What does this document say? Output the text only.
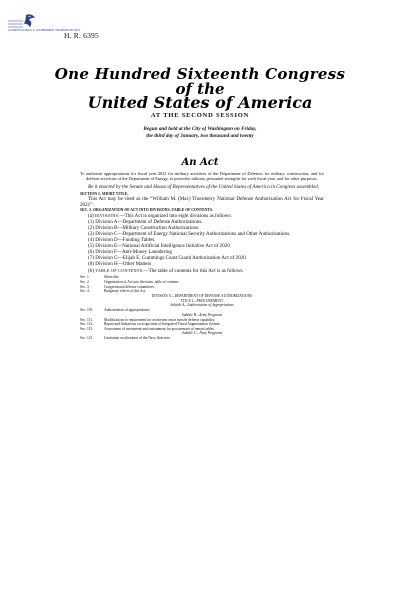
AUTHENTICATED U.S. GOVERNMENT INFORMATION GPO
H. R. 6395
One Hundred Sixteenth Congress
of the
United States of America
AT THE SECOND SESSION
Begun and held at the City of Washington on Friday,
the third day of January, two thousand and twenty
An Act

To authorize appropriations for fiscal year 2021 for military activities of the Department of Defense, for military construction, and for defense activities of the Department of Energy, to prescribe military personnel strengths for such fiscal year, and for other purposes.

Be it enacted by the Senate and House of Representatives of the United States of America in Congress assembled,

SECTION 1. SHORT TITLE.

This Act may be cited as the “William M. (Mac) Thornberry National Defense Authorization Act for Fiscal Year 2021”.

SEC. 2. ORGANIZATION OF ACT INTO DIVISIONS; TABLE OF CONTENTS.

(a) DIVISIONS.—This Act is organized into eight divisions as follows:

(1) Division A—Department of Defense Authorizations.

(2) Division B—Military Construction Authorizations.

(3) Division C—Department of Energy National Security Authorizations and Other Authorizations.

(4) Division D—Funding Tables.

(5) Division E—National Artificial Intelligence Initiative Act of 2020

(6) Division F—Anti-Money Laundering

(7) Division G—Elijah E. Cummings Coast Guard Authorization Act of 2020

(8) Division H—Other Matters

(b) TABLE OF CONTENTS.—The table of contents for this Act is as follows:

Sec. 1.	Short title.
Sec. 2.	Organization of Act into divisions; table of contents.
Sec. 3.	Congressional defense committees.
Sec. 4.	Budgetary effects of this Act.
DIVISION A—DEPARTMENT OF DEFENSE AUTHORIZATIONS
TITLE I—PROCUREMENT
Subtitle A—Authorization of Appropriations
Sec. 101.	Authorization of appropriations.
Subtitle B—Army Programs
Sec. 111.	Modifications to requirement for an interim cruise missile defense capability.
Sec. 112.	Report and limitations on acquisition of Integrated Visual Augmentation System.
Sec. 113.	Assessment of investment and sustainment for procurement of remote tables.
Subtitle C—Navy Programs
Sec. 121.	Limitation on alteration of the Navy fleet mix.
